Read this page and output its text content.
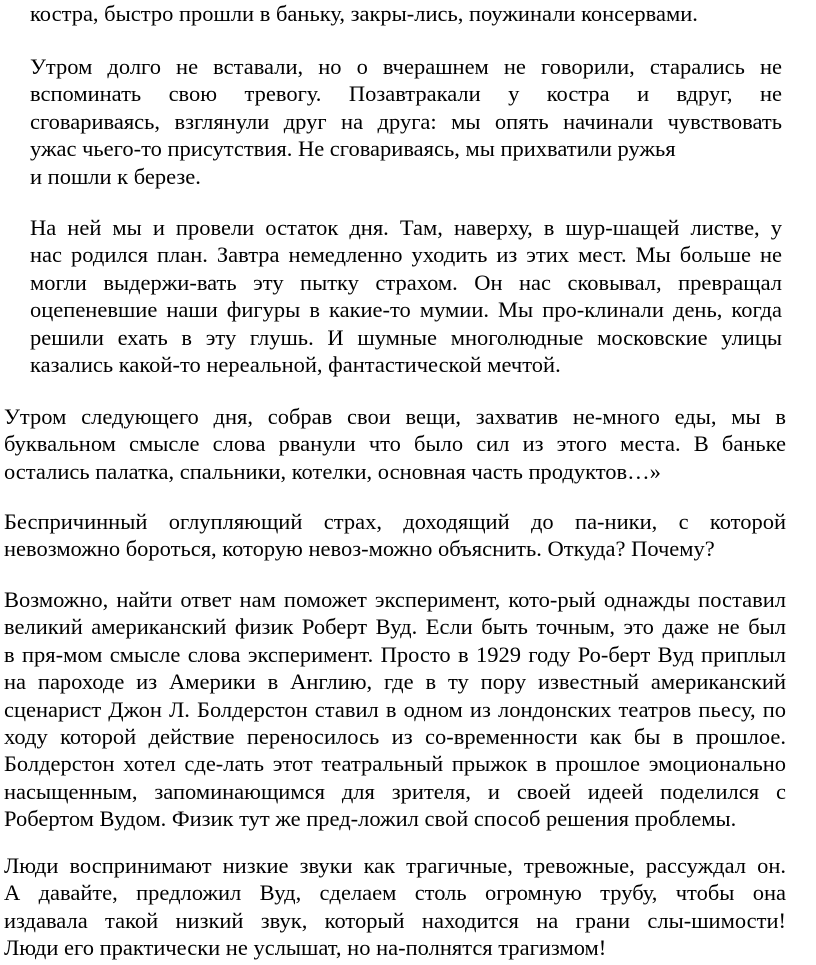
костра, быстро прошли в баньку, закры-лись, поужинали консервами.
Утром долго не вставали, но о вчерашнем не говорили, старались не
вспоминать свою тревогу. Позавтракали у костра и вдруг, не
сговариваясь, взглянули друг на друга: мы опять начинали чувствовать
ужас чьего-то присутствия. Не сговариваясь, мы прихватили ружья
и пошли к березе.
На ней мы и провели остаток дня. Там, наверху, в шур-шащей листве, у
нас родился план. Завтра немедленно уходить из этих мест. Мы больше не
могли выдержи-вать эту пытку страхом. Он нас сковывал, превращал
оцепеневшие наши фигуры в какие-то мумии. Мы про-клинали день, когда
решили ехать в эту глушь. И шумные многолюдные московские улицы
казались какой-то нереальной, фантастической мечтой.
Утром следующего дня, собрав свои вещи, захватив не-много еды, мы в
буквальном смысле слова рванули что было сил из этого места. В баньке
остались палатка, спальники, котелки, основная часть продуктов…»
Беспричинный оглупляющий страх, доходящий до па-ники, с которой
невозможно бороться, которую невоз-можно объяснить. Откуда? Почему?
Возможно, найти ответ нам поможет эксперимент, кото-рый однажды поставил
великий американский физик Роберт Вуд. Если быть точным, это даже не был
в пря-мом смысле слова эксперимент. Просто в 1929 году Ро-берт Вуд приплыл
на пароходе из Америки в Англию, где в ту пору известный американский
сценарист Джон Л. Болдерстон ставил в одном из лондонских театров пьесу, по
ходу которой действие переносилось из со-временности как бы в прошлое.
Болдерстон хотел сде-лать этот театральный прыжок в прошлое эмоционально
насыщенным, запоминающимся для зрителя, и своей идеей поделился с
Робертом Вудом. Физик тут же пред-ложил свой способ решения проблемы.
Люди воспринимают низкие звуки как трагичные, тревожные, рассуждал он.
А давайте, предложил Вуд, сделаем столь огромную трубу, чтобы она
издавала такой низкий звук, который находится на грани слы-шимости!
Люди его практически не услышат, но на-полнятся трагизмом!
